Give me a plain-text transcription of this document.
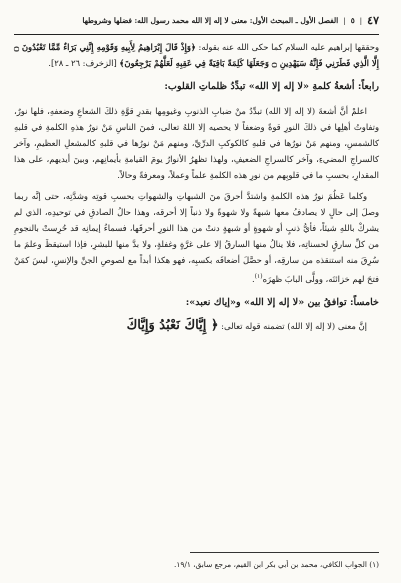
٤٧
|
٥
|
الفصل الأول ـ المبحث الأول: معنى لا إله إلا الله محمد رسول الله: فضلها وشروطها

وحققها إبراهيم عليه السلام كما حكى الله عنه بقوله: ﴿وَإِذْ قَالَ إِبْرَاهِيمُ لِأَبِيهِ وَقَوْمِهِ إِنَّنِي بَرَاءٌ مِّمَّا تَعْبُدُونَ ۝ إِلَّا الَّذِي فَطَرَنِي فَإِنَّهُ سَيَهْدِينِ ۝ وَجَعَلَهَا كَلِمَةً بَاقِيَةً فِي عَقِبِهِ لَعَلَّهُمْ يَرْجِعُونَ﴾ [الزخرف: ٢٦ ـ ٢٨].

رابعاً: أشعةُ كلمةِ «لا إله إلا الله» تبدِّدُ ظلماتِ القلوب:

اعلمْ أنَّ أشعةَ (لا إله إلا الله) تبدِّدُ منْ ضبابِ الذنوبِ وغيومِها بقدرِ قوَّةِ ذلكَ الشعاعِ وضعفهِ، فلها نورٌ، وتفاوتُ أهلِها في ذلكَ النورِ قوةً وضعفاً لا يحصيه إلا اللهُ تعالى، فمنَ الناسِ مَنْ نورُ هذهِ الكلمةِ في قلبهِ كالشمسِ، ومنهم مَنْ نورُها في قلبهِ كالكوكبِ الدرِّيِّ، ومنهم مَنْ نورُها في قلبهِ كالمشعلِ العظيمِ، وآخر كالسراجِ المضيءِ، وآخر كالسراجِ الضعيفِ، ولهذا تظهرُ الأنوارُ يومَ القيامةِ بأيمانِهم، وبينَ أيديهم، على هذا المقدارِ، بحسبِ ما في قلوبِهم من نورِ هذه الكلمةِ علماً وعملاً، ومعرفةً وحالاً.

وكلما عَظُمَ نورُ هذه الكلمةِ واشتدَّ أحرقَ منَ الشبهاتِ والشهواتِ بحسبِ قوتِه وشدَّتِه، حتى إنَّه ربما وصلَ إلى حالٍ لا يصادفُ معها شبهةً ولا شهوةً ولا ذنباً إلا أحرقه، وهذا حالُ الصادقِ في توحيدِه، الذي لم يشركْ باللهِ شيئاً، فأيُّ ذنبٍ أو شهوةٍ أو شبهةٍ دنتْ من هذا النورِ أحرقَها، فسماءُ إيمانِه قد حُرِستْ بالنجومِ من كلِّ سارقٍ لحسناتِه، فلا ينالُ منها السارقُ إلا على غرَّةٍ وغفلةٍ، ولا بدَّ منها للبشرِ، فإذا استيقظَ وعلمَ ما سُرِقَ منه استنقذه من سارقِه، أو حصَّلَ أضعافَه بكسبِه، فهو هكذا أبداً مع لصوصِ الجنِّ والإنسِ، ليسَ كمَنْ فتحَ لهم خزائنَه، وولَّى البابَ ظهرَه$^{(١)}$.

خامساً: توافقُ بين «لا إله إلا الله» و«إياك نعبد»:

إنَّ معنى (لا إله إلا الله) تضمنه قوله تعالى: ﴿ إِيَّاكَ نَعْبُدُ وَإِيَّاكَ

(١) الجواب الكافي، محمد بن أبي بكر ابن القيم، مرجع سابق، ١٩/١.
